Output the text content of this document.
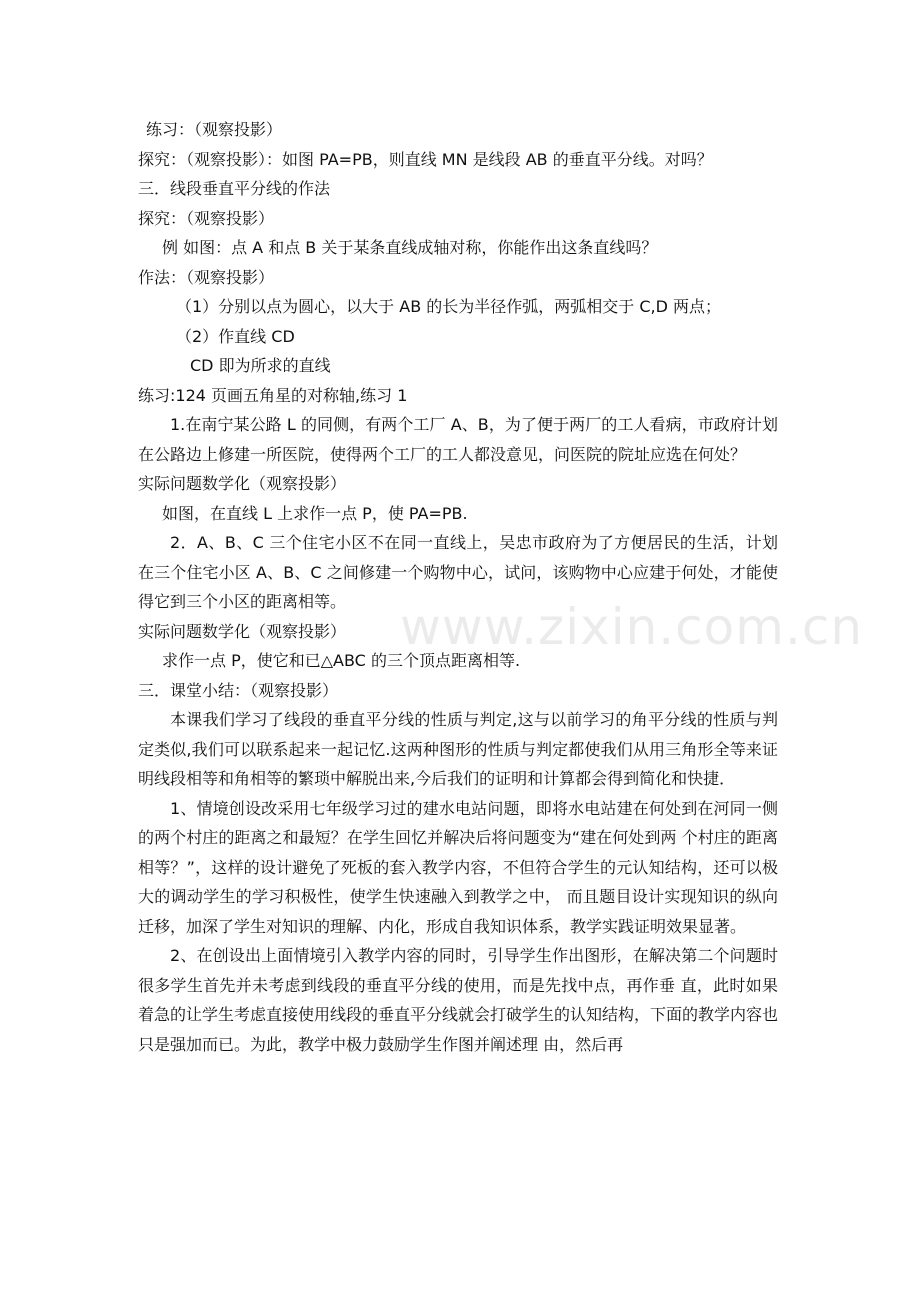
练习：（观察投影）

探究：（观察投影）：如图 PA=PB，则直线 MN 是线段 AB 的垂直平分线。对吗？

三．线段垂直平分线的作法

探究：（观察投影）

例 如图：点 A 和点 B 关于某条直线成轴对称，你能作出这条直线吗？

作法：（观察投影）

（1）分别以点为圆心，以大于 AB 的长为半径作弧，两弧相交于 C,D 两点；

（2）作直线 CD

CD 即为所求的直线

练习:124 页画五角星的对称轴,练习 1

1.在南宁某公路 L 的同侧，有两个工厂 A、B，为了便于两厂的工人看病，市政府计划在公路边上修建一所医院，使得两个工厂的工人都没意见，问医院的院址应选在何处？

实际问题数学化（观察投影）

如图，在直线 L 上求作一点 P，使 PA=PB.

2．A、B、C 三个住宅小区不在同一直线上，吴忠市政府为了方便居民的生活，计划在三个住宅小区 A、B、C 之间修建一个购物中心，试问，该购物中心应建于何处，才能使得它到三个小区的距离相等。

实际问题数学化（观察投影）

求作一点 P，使它和已△ABC 的三个顶点距离相等.

三．课堂小结：（观察投影）

本课我们学习了线段的垂直平分线的性质与判定,这与以前学习的角平分线的性质与判定类似,我们可以联系起来一起记忆.这两种图形的性质与判定都使我们从用三角形全等来证明线段相等和角相等的繁琐中解脱出来,今后我们的证明和计算都会得到简化和快捷．

1、情境创设改采用七年级学习过的建水电站问题，即将水电站建在何处到在河同一侧的两个村庄的距离之和最短？在学生回忆并解决后将问题变为“建在何处到两 个村庄的距离相等？”，这样的设计避免了死板的套入教学内容，不但符合学生的元认知结构，还可以极大的调动学生的学习积极性，使学生快速融入到教学之中， 而且题目设计实现知识的纵向迁移，加深了学生对知识的理解、内化，形成自我知识体系，教学实践证明效果显著。

2、在创设出上面情境引入教学内容的同时，引导学生作出图形，在解决第二个问题时很多学生首先并未考虑到线段的垂直平分线的使用，而是先找中点，再作垂 直，此时如果着急的让学生考虑直接使用线段的垂直平分线就会打破学生的认知结构，下面的教学内容也只是强加而已。为此，教学中极力鼓励学生作图并阐述理 由，然后再

www.zixin.com.cn
